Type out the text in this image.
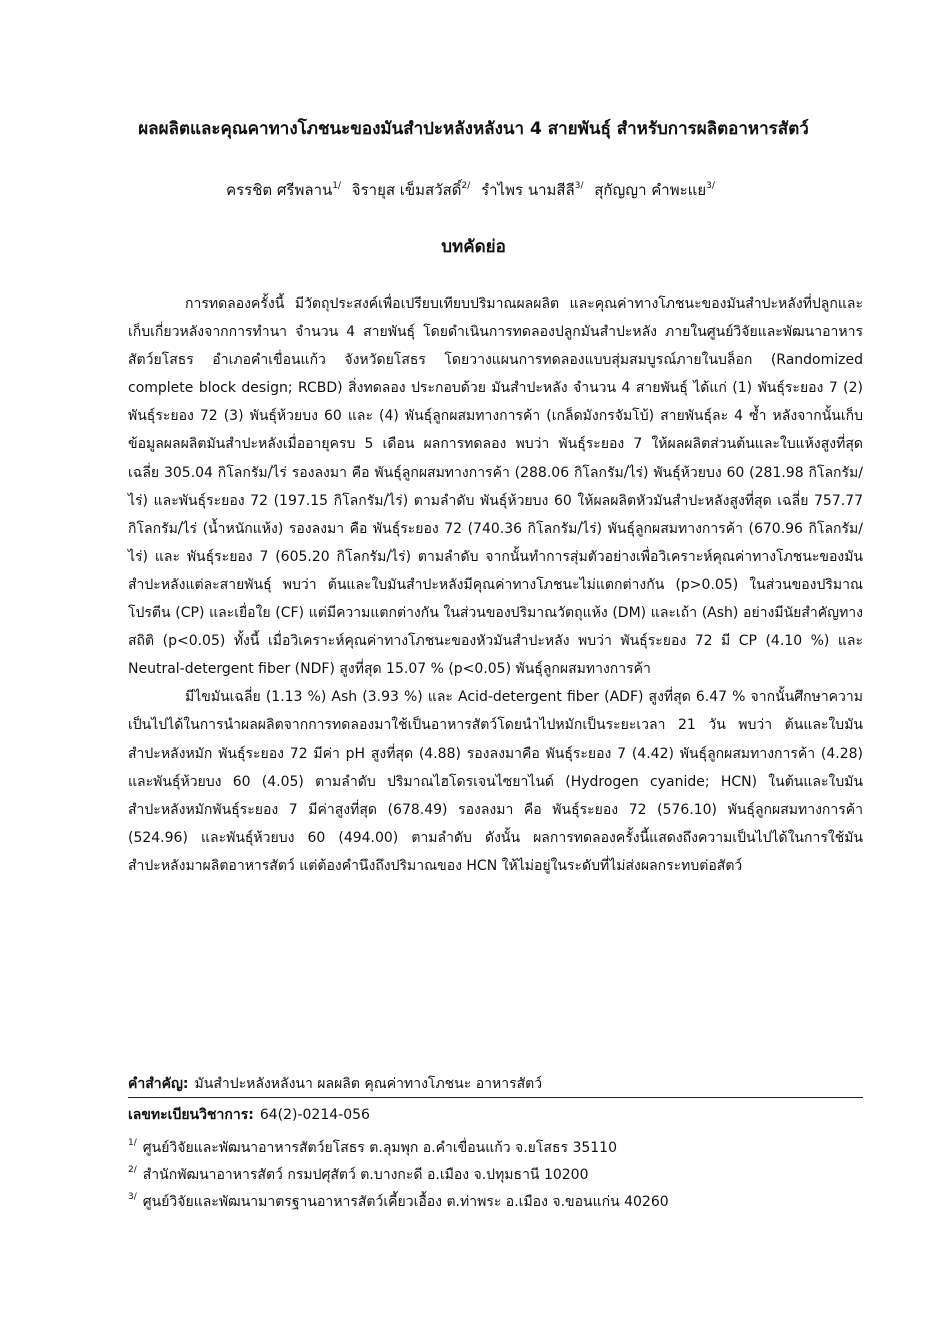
ผลผลิตและคุณคาทางโภชนะของมันสำปะหลังหลังนา 4 สายพันธุ์ สำหรับการผลิตอาหารสัตว์
ครรชิต ศรีพลาน$^{1/}$ จิรายุส เข็มสวัสดิ์$^{2/}$ รำไพร นามสีลี$^{3/}$ สุกัญญา คำพะแย$^{3/}$
บทคัดย่อ

การทดลองครั้งนี้ มีวัตถุประสงค์เพื่อเปรียบเทียบปริมาณผลผลิต และคุณค่าทางโภชนะของมันสำปะหลังที่ปลูกและเก็บเกี่ยวหลังจากการทำนา จำนวน 4 สายพันธุ์ โดยดำเนินการทดลองปลูกมันสำปะหลัง ภายในศูนย์วิจัยและพัฒนาอาหารสัตว์ยโสธร อำเภอคำเขื่อนแก้ว จังหวัดยโสธร โดยวางแผนการทดลองแบบสุ่มสมบูรณ์ภายในบล็อก (Randomized complete block design; RCBD) สิ่งทดลอง ประกอบด้วย มันสำปะหลัง จำนวน 4 สายพันธุ์ ได้แก่ (1) พันธุ์ระยอง 7 (2) พันธุ์ระยอง 72 (3) พันธุ์ห้วยบง 60 และ (4) พันธุ์ลูกผสมทางการค้า (เกล็ดมังกรจัมโบ้) สายพันธุ์ละ 4 ซ้ำ หลังจากนั้นเก็บข้อมูลผลผลิตมันสำปะหลังเมื่ออายุครบ 5 เดือน ผลการทดลอง พบว่า พันธุ์ระยอง 7 ให้ผลผลิตส่วนต้นและใบแห้งสูงที่สุด เฉลี่ย 305.04 กิโลกรัม/ไร่ รองลงมา คือ พันธุ์ลูกผสมทางการค้า (288.06 กิโลกรัม/ไร่) พันธุ์ห้วยบง 60 (281.98 กิโลกรัม/ไร่) และพันธุ์ระยอง 72 (197.15 กิโลกรัม/ไร่) ตามลำดับ พันธุ์ห้วยบง 60 ให้ผลผลิตหัวมันสำปะหลังสูงที่สุด เฉลี่ย 757.77 กิโลกรัม/ไร่ (น้ำหนักแห้ง) รองลงมา คือ พันธุ์ระยอง 72 (740.36 กิโลกรัม/ไร่) พันธุ์ลูกผสมทางการค้า (670.96 กิโลกรัม/ไร่) และ พันธุ์ระยอง 7 (605.20 กิโลกรัม/ไร่) ตามลำดับ จากนั้นทำการสุ่มตัวอย่างเพื่อวิเคราะห์คุณค่าทางโภชนะของมันสำปะหลังแต่ละสายพันธุ์ พบว่า ต้นและใบมันสำปะหลังมีคุณค่าทางโภชนะไม่แตกต่างกัน (p>0.05) ในส่วนของปริมาณโปรตีน (CP) และเยื่อใย (CF) แต่มีความแตกต่างกัน ในส่วนของปริมาณวัตถุแห้ง (DM) และเถ้า (Ash) อย่างมีนัยสำคัญทางสถิติ (p<0.05) ทั้งนี้ เมื่อวิเคราะห์คุณค่าทางโภชนะของหัวมันสำปะหลัง พบว่า พันธุ์ระยอง 72 มี CP (4.10 %) และ Neutral-detergent fiber (NDF) สูงที่สุด 15.07 % (p<0.05) พันธุ์ลูกผสมทางการค้า

มีไขมันเฉลี่ย (1.13 %) Ash (3.93 %) และ Acid-detergent fiber (ADF) สูงที่สุด 6.47 % จากนั้นศึกษาความเป็นไปได้ในการนำผลผลิตจากการทดลองมาใช้เป็นอาหารสัตว์โดยนำไปหมักเป็นระยะเวลา 21 วัน พบว่า ต้นและใบมันสำปะหลังหมัก พันธุ์ระยอง 72 มีค่า pH สูงที่สุด (4.88) รองลงมาคือ พันธุ์ระยอง 7 (4.42) พันธุ์ลูกผสมทางการค้า (4.28) และพันธุ์ห้วยบง 60 (4.05) ตามลำดับ ปริมาณไฮโดรเจนไซยาไนด์ (Hydrogen cyanide; HCN) ในต้นและใบมันสำปะหลังหมักพันธุ์ระยอง 7 มีค่าสูงที่สุด (678.49) รองลงมา คือ พันธุ์ระยอง 72 (576.10) พันธุ์ลูกผสมทางการค้า (524.96) และพันธุ์ห้วยบง 60 (494.00) ตามลำดับ ดังนั้น ผลการทดลองครั้งนี้แสดงถึงความเป็นไปได้ในการใช้มันสำปะหลังมาผลิตอาหารสัตว์ แต่ต้องคำนึงถึงปริมาณของ HCN ให้ไม่อยู่ในระดับที่ไม่ส่งผลกระทบต่อสัตว์

คำสำคัญ: มันสำปะหลังหลังนา ผลผลิต คุณค่าทางโภชนะ อาหารสัตว์
เลขทะเบียนวิชาการ: 64(2)-0214-056
$^{1/}$ ศูนย์วิจัยและพัฒนาอาหารสัตว์ยโสธร ต.ลุมพุก อ.คำเขื่อนแก้ว จ.ยโสธร 35110
$^{2/}$ สำนักพัฒนาอาหารสัตว์ กรมปศุสัตว์ ต.บางกะดี อ.เมือง จ.ปทุมธานี 10200
$^{3/}$ ศูนย์วิจัยและพัฒนามาตรฐานอาหารสัตว์เคี้ยวเอื้อง ต.ท่าพระ อ.เมือง จ.ขอนแก่น 40260
